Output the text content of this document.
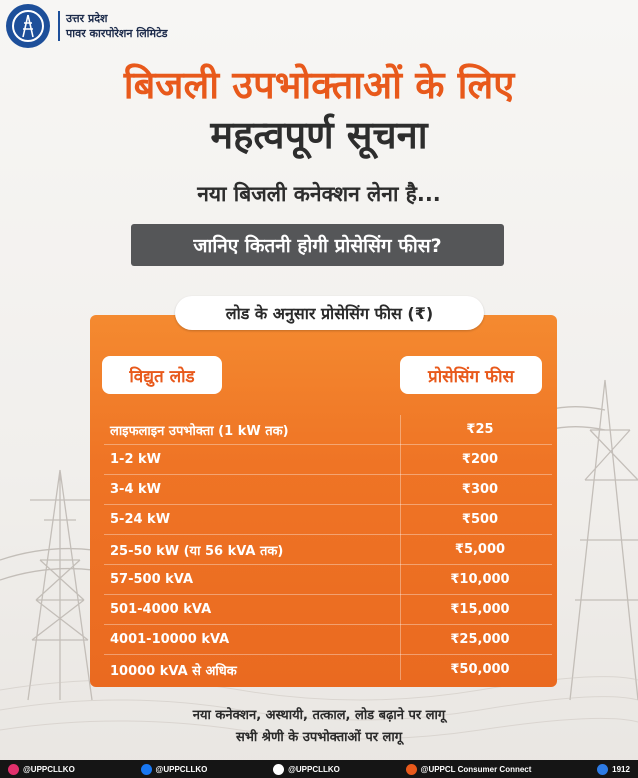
उत्तर प्रदेश
पावर कारपोरेशन लिमिटेड
बिजली उपभोक्ताओं के लिए
महत्वपूर्ण सूचना
नया बिजली कनेक्शन लेना है...
जानिए कितनी होगी प्रोसेसिंग फीस?
लोड के अनुसार प्रोसेसिंग फीस (₹)
विद्युत लोड	प्रोसेसिंग फीस
लाइफलाइन उपभोक्ता (1 kW तक)	₹25
1-2 kW	₹200
3-4 kW	₹300
5-24 kW	₹500
25-50 kW (या 56 kVA तक)	₹5,000
57-500 kVA	₹10,000
501-4000 kVA	₹15,000
4001-10000 kVA	₹25,000
10000 kVA से अधिक	₹50,000
नया कनेक्शन, अस्थायी, तत्काल, लोड बढ़ाने पर लागू
सभी श्रेणी के उपभोक्ताओं पर लागू
@UPPCLLKO	@UPPCLLKO	@UPPCLLKO	@UPPCL Consumer Connect	1912
